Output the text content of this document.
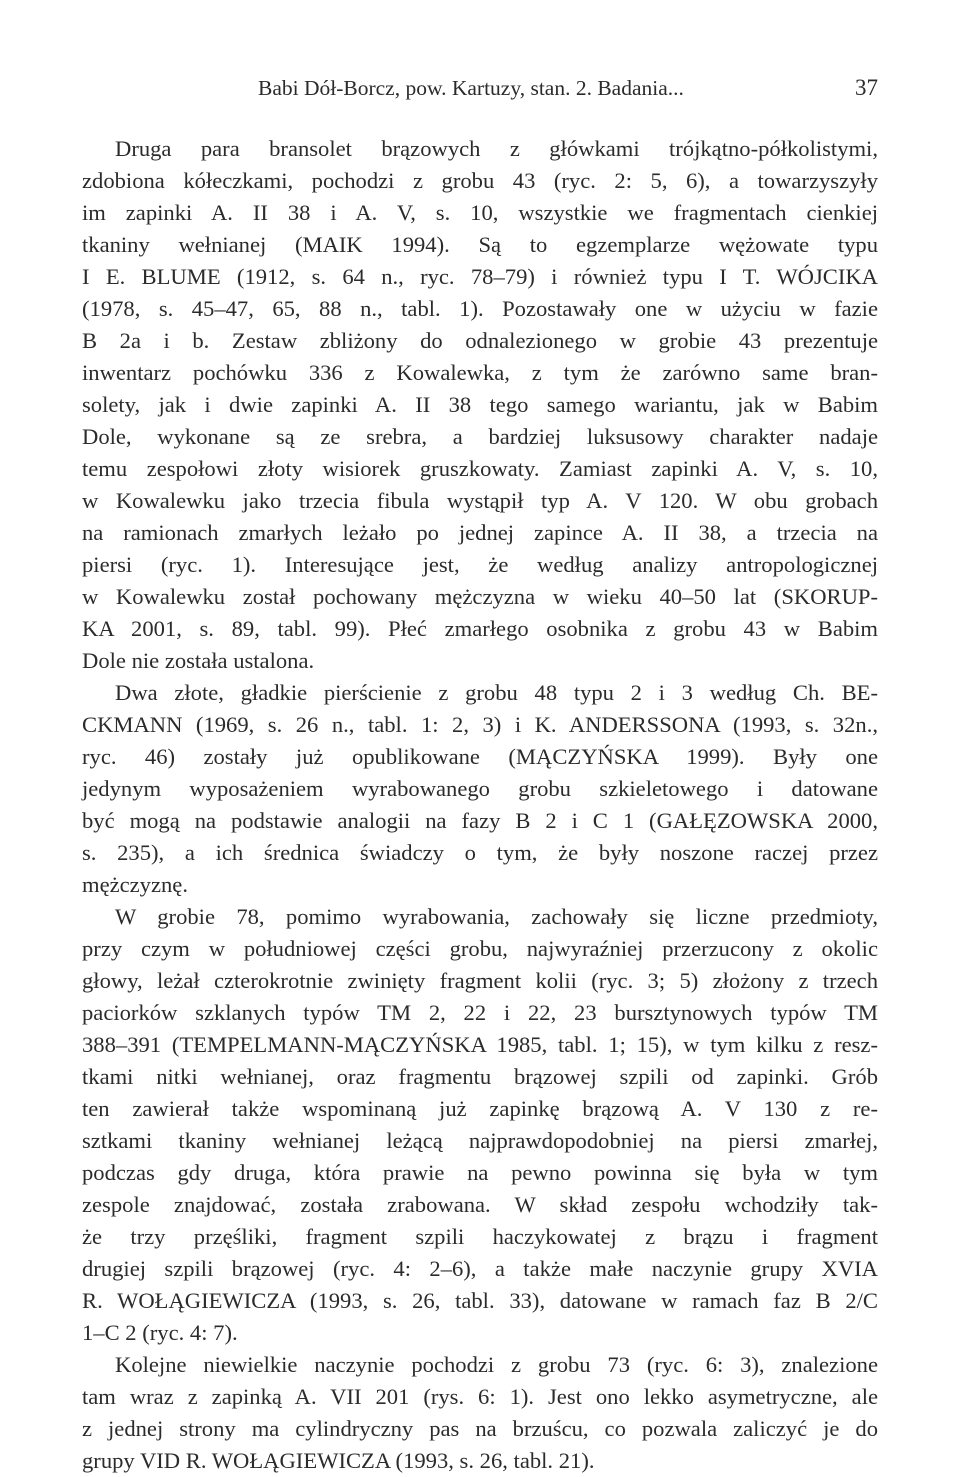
Babi Dół-Borcz, pow. Kartuzy, stan. 2. Badania...	37
Druga para bransolet brązowych z główkami trójkątno-półkolistymi,
zdobiona kółeczkami, pochodzi z grobu 43 (ryc. 2: 5, 6), a towarzyszyły
im zapinki A. II 38 i A. V, s. 10, wszystkie we fragmentach cienkiej
tkaniny wełnianej (MAIK 1994). Są to egzemplarze wężowate typu
I E. BLUME (1912, s. 64 n., ryc. 78–79) i również typu I T. WÓJCIKA
(1978, s. 45–47, 65, 88 n., tabl. 1). Pozostawały one w użyciu w fazie
B 2a i b. Zestaw zbliżony do odnalezionego w grobie 43 prezentuje
inwentarz pochówku 336 z Kowalewka, z tym że zarówno same bran-
solety, jak i dwie zapinki A. II 38 tego samego wariantu, jak w Babim
Dole, wykonane są ze srebra, a bardziej luksusowy charakter nadaje
temu zespołowi złoty wisiorek gruszkowaty. Zamiast zapinki A. V, s. 10,
w Kowalewku jako trzecia fibula wystąpił typ A. V 120. W obu grobach
na ramionach zmarłych leżało po jednej zapince A. II 38, a trzecia na
piersi (ryc. 1). Interesujące jest, że według analizy antropologicznej
w Kowalewku został pochowany mężczyzna w wieku 40–50 lat (SKORUP-
KA 2001, s. 89, tabl. 99). Płeć zmarłego osobnika z grobu 43 w Babim
Dole nie została ustalona.
Dwa złote, gładkie pierścienie z grobu 48 typu 2 i 3 według Ch. BE-
CKMANN (1969, s. 26 n., tabl. 1: 2, 3) i K. ANDERSSONA (1993, s. 32n.,
ryc. 46) zostały już opublikowane (MĄCZYŃSKA 1999). Były one
jedynym wyposażeniem wyrabowanego grobu szkieletowego i datowane
być mogą na podstawie analogii na fazy B 2 i C 1 (GAŁĘZOWSKA 2000,
s. 235), a ich średnica świadczy o tym, że były noszone raczej przez
mężczyznę.
W grobie 78, pomimo wyrabowania, zachowały się liczne przedmioty,
przy czym w południowej części grobu, najwyraźniej przerzucony z okolic
głowy, leżał czterokrotnie zwinięty fragment kolii (ryc. 3; 5) złożony z trzech
paciorków szklanych typów TM 2, 22 i 22, 23 bursztynowych typów TM
388–391 (TEMPELMANN-MĄCZYŃSKA 1985, tabl. 1; 15), w tym kilku z resz-
tkami nitki wełnianej, oraz fragmentu brązowej szpili od zapinki. Grób
ten zawierał także wspominaną już zapinkę brązową A. V 130 z re-
sztkami tkaniny wełnianej leżącą najprawdopodobniej na piersi zmarłej,
podczas gdy druga, która prawie na pewno powinna się była w tym
zespole znajdować, została zrabowana. W skład zespołu wchodziły tak-
że trzy przęśliki, fragment szpili haczykowatej z brązu i fragment
drugiej szpili brązowej (ryc. 4: 2–6), a także małe naczynie grupy XVIA
R. WOŁĄGIEWICZA (1993, s. 26, tabl. 33), datowane w ramach faz B 2/C
1–C 2 (ryc. 4: 7).
Kolejne niewielkie naczynie pochodzi z grobu 73 (ryc. 6: 3), znalezione
tam wraz z zapinką A. VII 201 (rys. 6: 1). Jest ono lekko asymetryczne, ale
z jednej strony ma cylindryczny pas na brzuścu, co pozwala zaliczyć je do
grupy VID R. WOŁĄGIEWICZA (1993, s. 26, tabl. 21).
